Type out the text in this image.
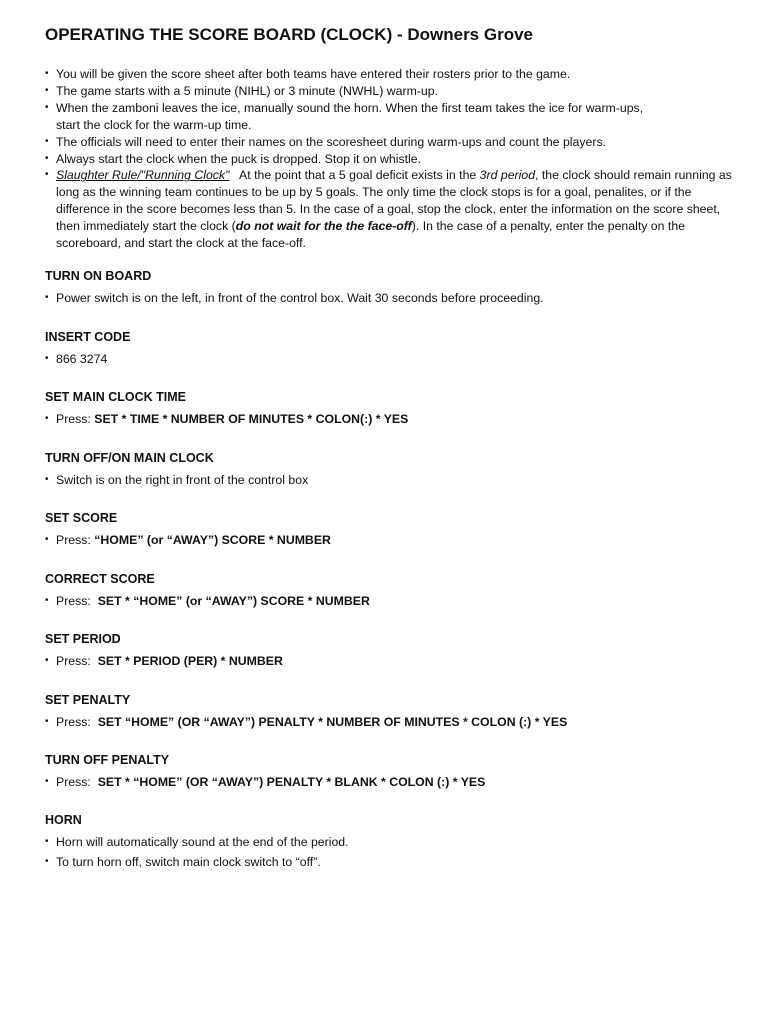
OPERATING THE SCORE BOARD (CLOCK) - Downers Grove
• You will be given the score sheet after both teams have entered their rosters prior to the game.
• The game starts with a 5 minute (NIHL) or 3 minute (NWHL) warm-up.
• When the zamboni leaves the ice, manually sound the horn. When the first team takes the ice for warm-ups,
start the clock for the warm-up time.
• The officials will need to enter their names on the scoresheet during warm-ups and count the players.
• Always start the clock when the puck is dropped. Stop it on whistle.
• Slaughter Rule/"Running Clock"   At the point that a 5 goal deficit exists in the 3rd period, the clock should remain running as long as the winning team continues to be up by 5 goals. The only time the clock stops is for a goal, penalites, or if the difference in the score becomes less than 5. In the case of a goal, stop the clock, enter the information on the score sheet, then immediately start the clock (do not wait for the the face-off). In the case of a penalty, enter the penalty on the scoreboard, and start the clock at the face-off.
TURN ON BOARD
• Power switch is on the left, in front of the control box. Wait 30 seconds before proceeding.
INSERT CODE
• 866 3274
SET MAIN CLOCK TIME
• Press: SET * TIME * NUMBER OF MINUTES * COLON(:) * YES
TURN OFF/ON MAIN CLOCK
• Switch is on the right in front of the control box
SET SCORE
• Press: “HOME” (or “AWAY”) SCORE * NUMBER
CORRECT SCORE
• Press:  SET * “HOME” (or “AWAY”) SCORE * NUMBER
SET PERIOD
• Press:  SET * PERIOD (PER) * NUMBER
SET PENALTY
• Press:  SET “HOME” (OR “AWAY”) PENALTY * NUMBER OF MINUTES * COLON (:) * YES
TURN OFF PENALTY
• Press:  SET * “HOME” (OR “AWAY”) PENALTY * BLANK * COLON (:) * YES
HORN
• Horn will automatically sound at the end of the period.
• To turn horn off, switch main clock switch to “off”.
